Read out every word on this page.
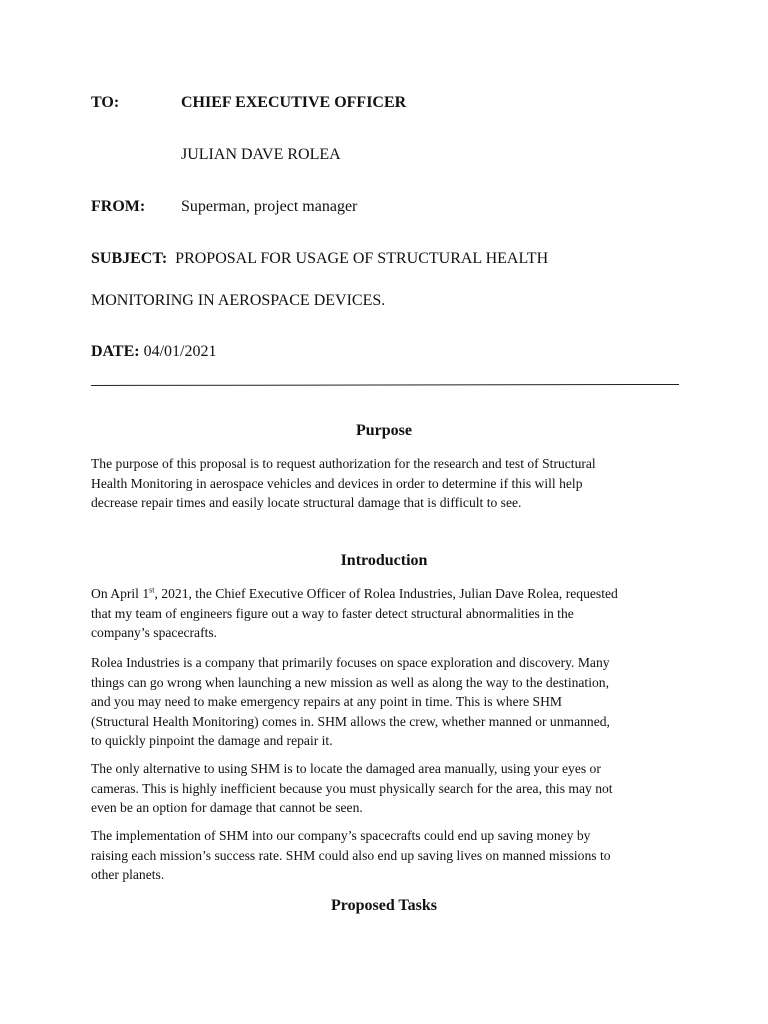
TO:	CHIEF EXECUTIVE OFFICER
JULIAN DAVE ROLEA
FROM: Superman, project manager
SUBJECT: PROPOSAL FOR USAGE OF STRUCTURAL HEALTH
MONITORING IN AEROSPACE DEVICES.
DATE: 04/01/2021
Purpose
The purpose of this proposal is to request authorization for the research and test of Structural
Health Monitoring in aerospace vehicles and devices in order to determine if this will help
decrease repair times and easily locate structural damage that is difficult to see.
Introduction
On April 1st, 2021, the Chief Executive Officer of Rolea Industries, Julian Dave Rolea, requested
that my team of engineers figure out a way to faster detect structural abnormalities in the
company’s spacecrafts.
Rolea Industries is a company that primarily focuses on space exploration and discovery. Many
things can go wrong when launching a new mission as well as along the way to the destination,
and you may need to make emergency repairs at any point in time. This is where SHM
(Structural Health Monitoring) comes in. SHM allows the crew, whether manned or unmanned,
to quickly pinpoint the damage and repair it.
The only alternative to using SHM is to locate the damaged area manually, using your eyes or
cameras. This is highly inefficient because you must physically search for the area, this may not
even be an option for damage that cannot be seen.
The implementation of SHM into our company’s spacecrafts could end up saving money by
raising each mission’s success rate. SHM could also end up saving lives on manned missions to
other planets.
Proposed Tasks
